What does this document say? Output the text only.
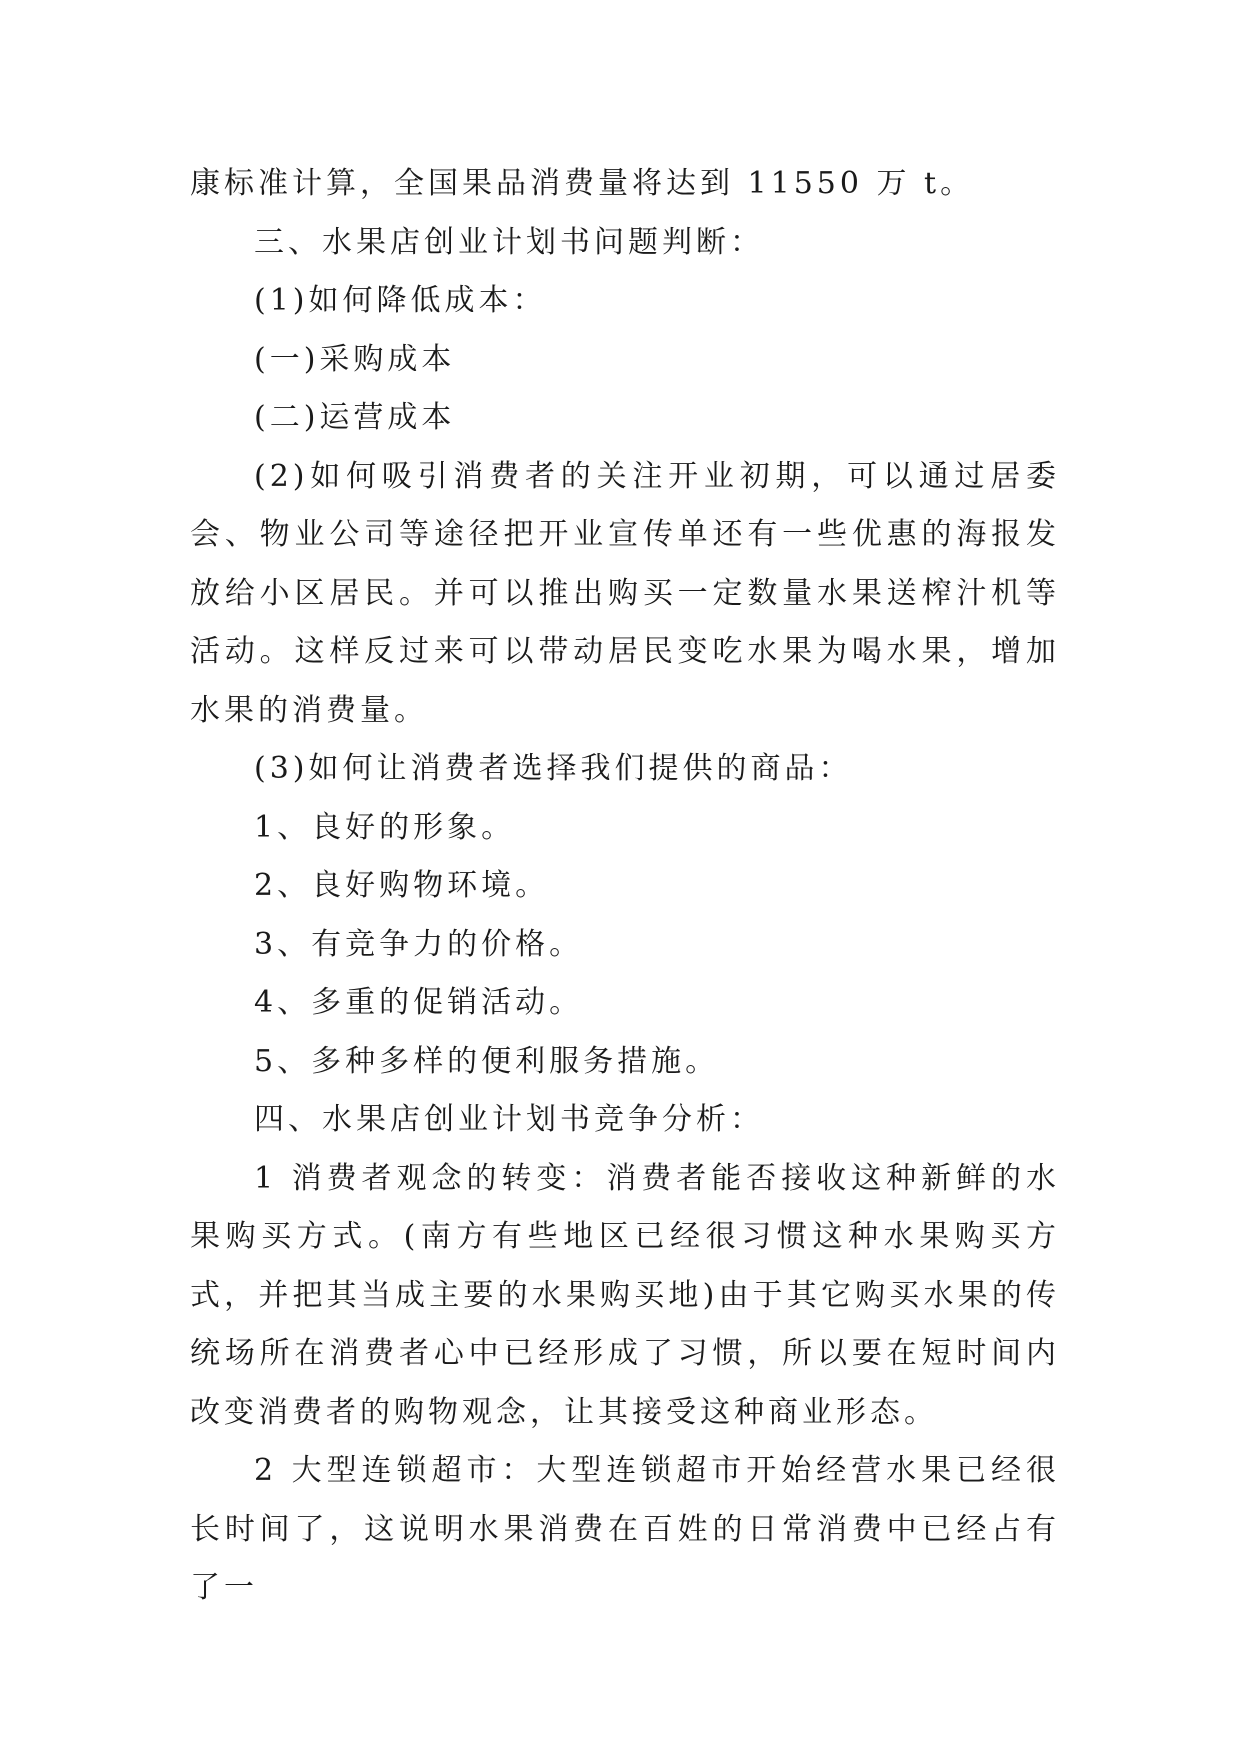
康标准计算，全国果品消费量将达到 11550 万 t。

三、水果店创业计划书问题判断：

(1)如何降低成本：

(一)采购成本

(二)运营成本

(2)如何吸引消费者的关注开业初期，可以通过居委会、物业公司等途径把开业宣传单还有一些优惠的海报发放给小区居民。并可以推出购买一定数量水果送榨汁机等活动。这样反过来可以带动居民变吃水果为喝水果，增加水果的消费量。

(3)如何让消费者选择我们提供的商品：

1、良好的形象。

2、良好购物环境。

3、有竞争力的价格。

4、多重的促销活动。

5、多种多样的便利服务措施。

四、水果店创业计划书竞争分析：

1 消费者观念的转变：消费者能否接收这种新鲜的水果购买方式。(南方有些地区已经很习惯这种水果购买方式，并把其当成主要的水果购买地)由于其它购买水果的传统场所在消费者心中已经形成了习惯，所以要在短时间内改变消费者的购物观念，让其接受这种商业形态。

2 大型连锁超市：大型连锁超市开始经营水果已经很长时间了，这说明水果消费在百姓的日常消费中已经占有了一
